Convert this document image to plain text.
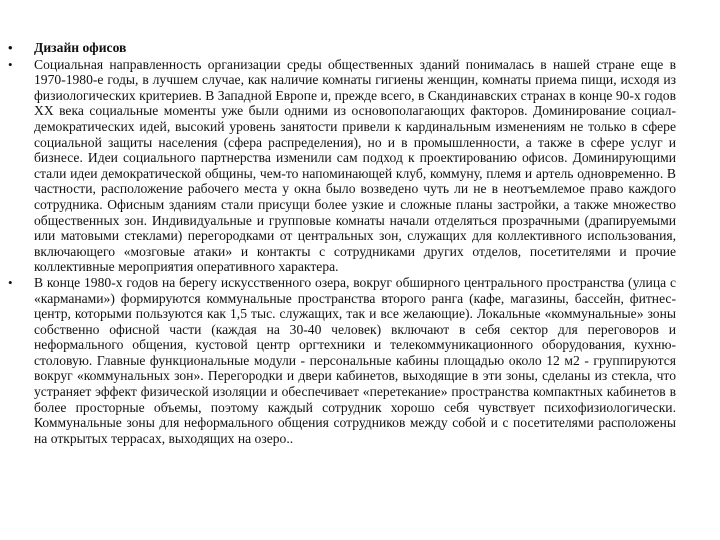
• Дизайн офисов
• Социальная направленность организации среды общественных зданий понималась в нашей стране еще в 1970-1980-е годы, в лучшем случае, как наличие комнаты гигиены женщин, комнаты приема пищи, исходя из физиологических критериев. В Западной Европе и, прежде всего, в Скандинавских странах в конце 90-х годов XX века социальные моменты уже были одними из основополагающих факторов. Доминирование социал-демократических идей, высокий уровень занятости привели к кардинальным изменениям не только в сфере социальной защиты населения (сфера распределения), но и в промышленности, а также в сфере услуг и бизнесе. Идеи социального партнерства изменили сам подход к проектированию офисов. Доминирующими стали идеи демократической общины, чем-то напоминающей клуб, коммуну, племя и артель одновременно. В частности, расположение рабочего места у окна было возведено чуть ли не в неотъемлемое право каждого сотрудника. Офисным зданиям стали присущи более узкие и сложные планы застройки, а также множество общественных зон. Индивидуальные и групповые комнаты начали отделяться прозрачными (драпируемыми или матовыми стеклами) перегородками от центральных зон, служащих для коллективного использования, включающего «мозговые атаки» и контакты с сотрудниками других отделов, посетителями и прочие коллективные мероприятия оперативного характера.
• В конце 1980-х годов на берегу искусственного озера, вокруг обширного центрального пространства (улица с «карманами») формируются коммунальные пространства второго ранга (кафе, магазины, бассейн, фитнес-центр, которыми пользуются как 1,5 тыс. служащих, так и все желающие). Локальные «коммунальные» зоны собственно офисной части (каждая на 30-40 человек) включают в себя сектор для переговоров и неформального общения, кустовой центр оргтехники и телекоммуникационного оборудования, кухню-столовую. Главные функциональные модули - персональные кабины площадью около 12 м2 - группируются вокруг «коммунальных зон». Перегородки и двери кабинетов, выходящие в эти зоны, сделаны из стекла, что устраняет эффект физической изоляции и обеспечивает «перетекание» пространства компактных кабинетов в более просторные объемы, поэтому каждый сотрудник хорошо себя чувствует психофизиологически. Коммунальные зоны для неформального общения сотрудников между собой и с посетителями расположены на открытых террасах, выходящих на озеро..
